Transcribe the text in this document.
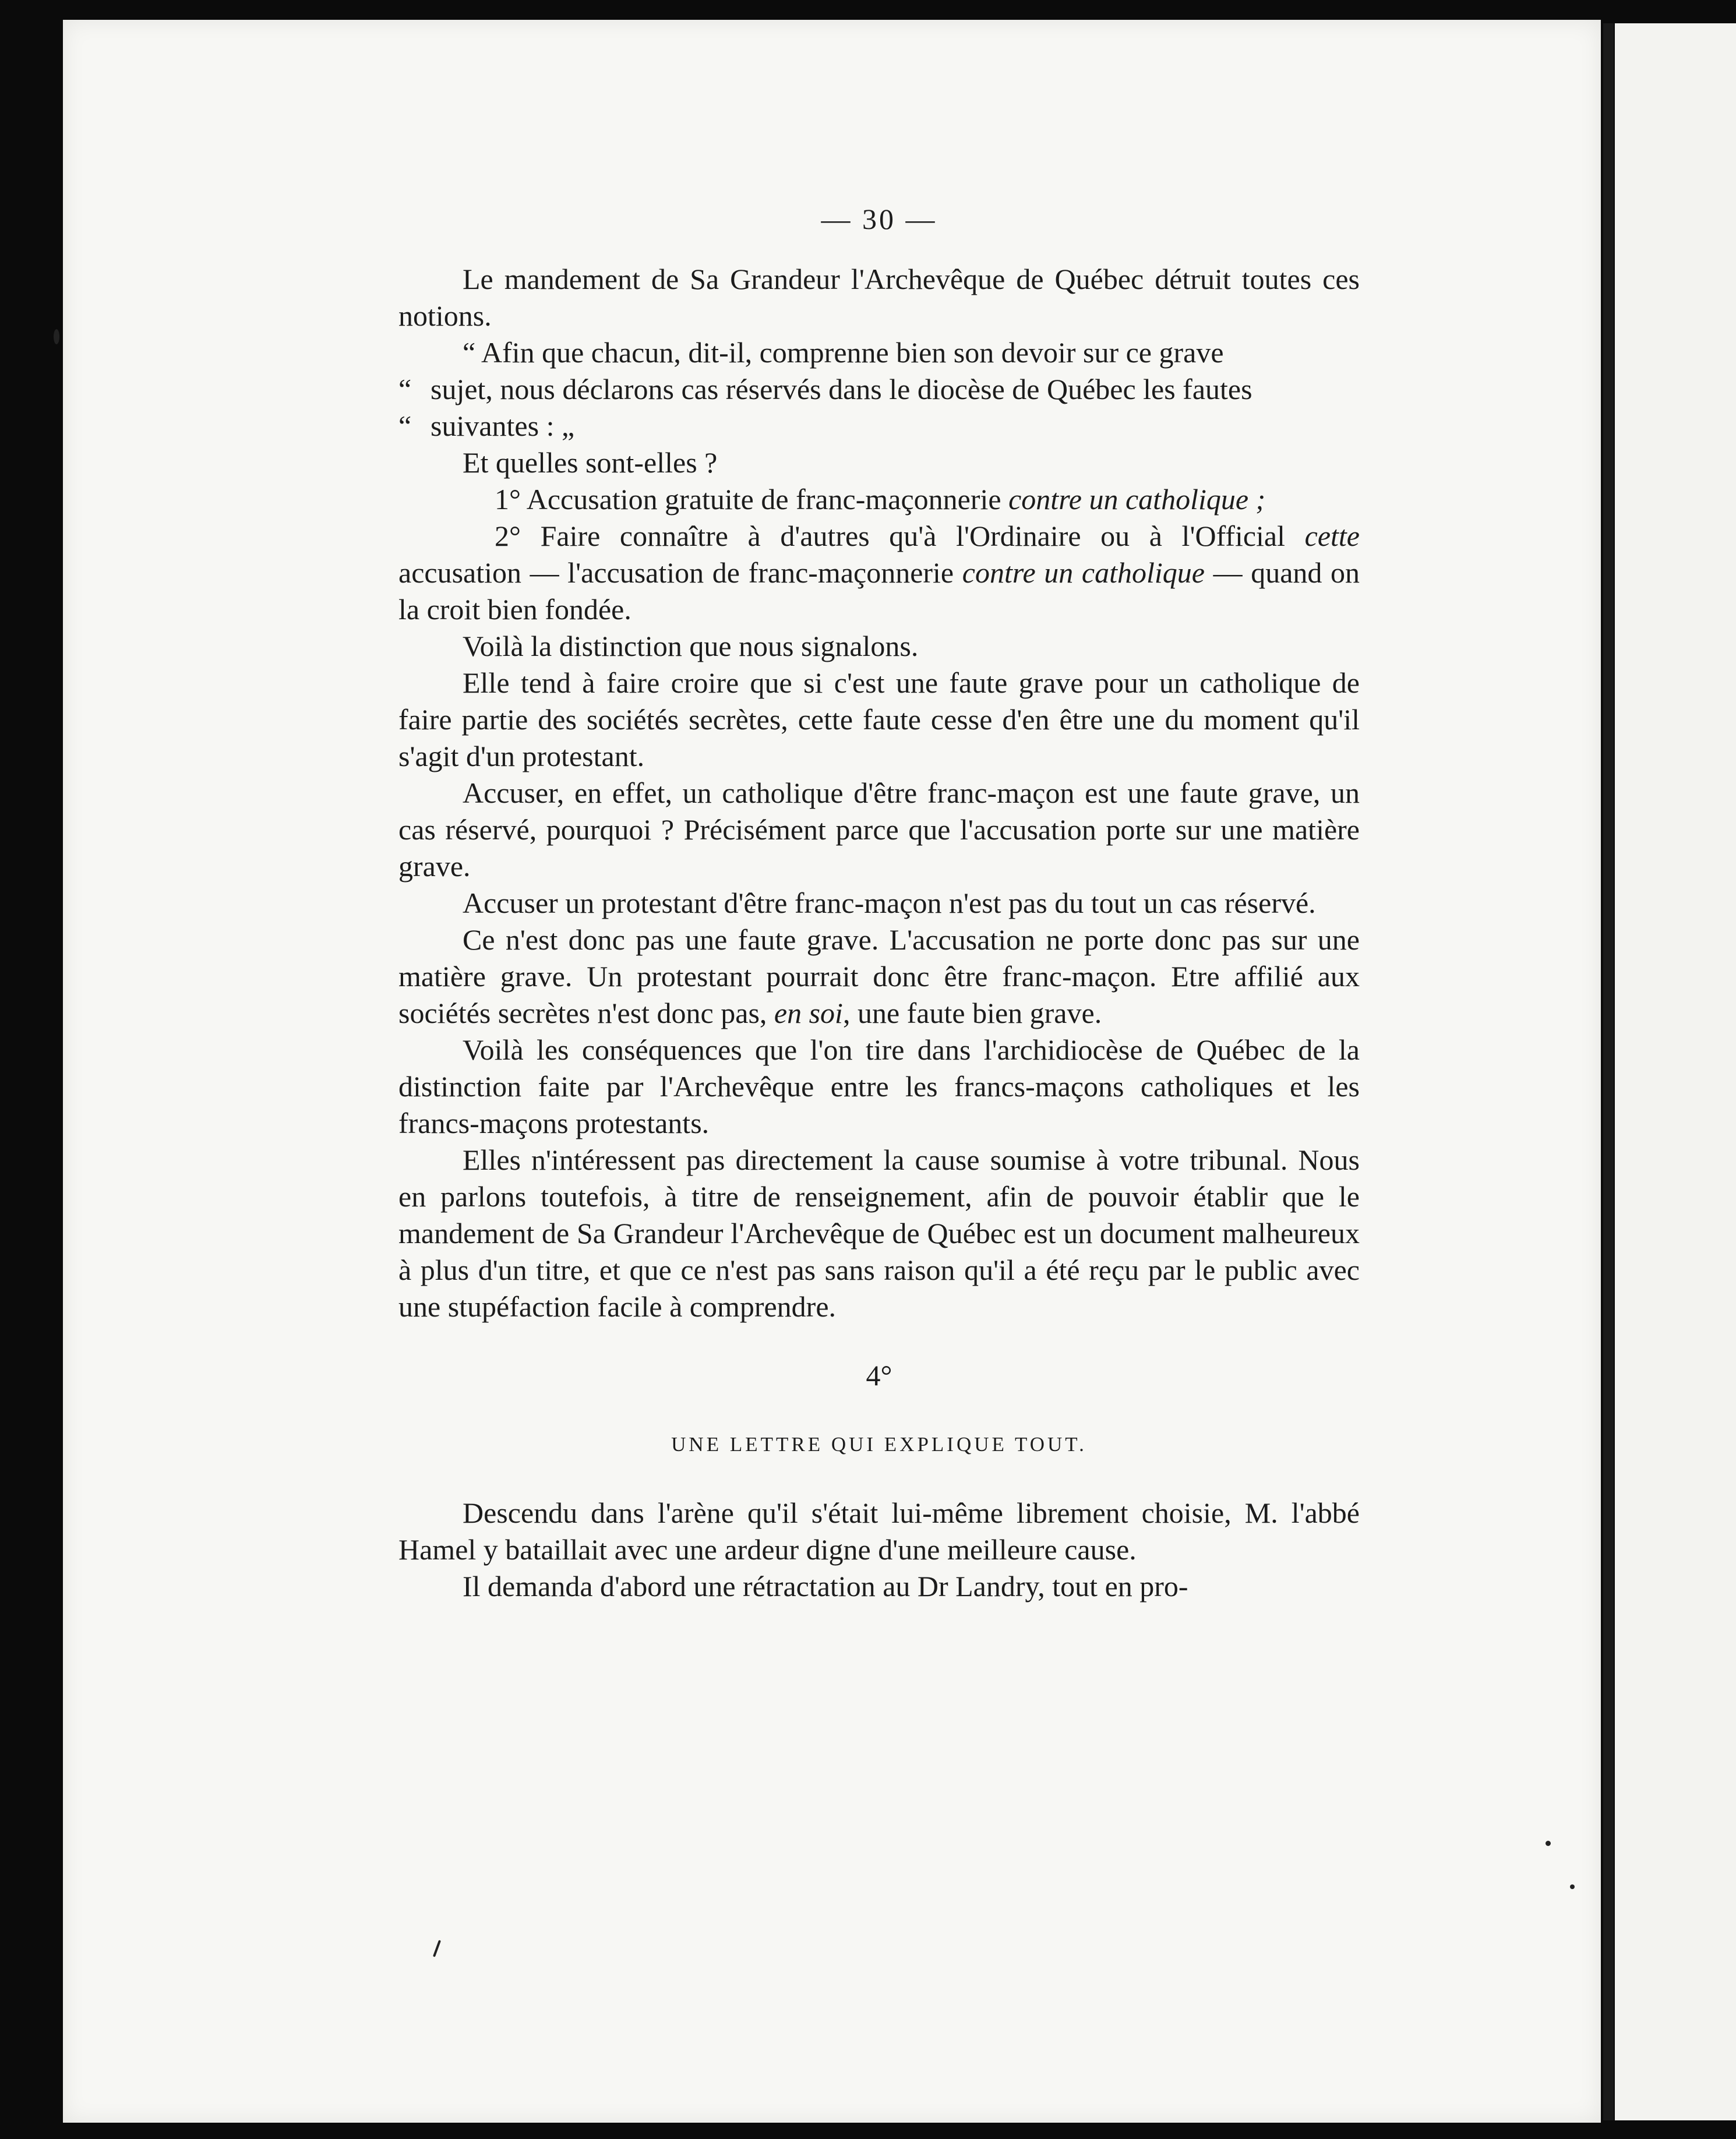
— 30 —

Le mandement de Sa Grandeur l'Archevêque de Québec détruit toutes ces notions.

“ Afin que chacun, dit-il, comprenne bien son devoir sur ce grave

“ sujet, nous déclarons cas réservés dans le diocèse de Québec les fautes

“ suivantes : „

Et quelles sont-elles ?

1° Accusation gratuite de franc-maçonnerie contre un catholique ;

2° Faire connaître à d'autres qu'à l'Ordinaire ou à l'Official cette accusation — l'accusation de franc-maçonnerie contre un catholique — quand on la croit bien fondée.

Voilà la distinction que nous signalons.

Elle tend à faire croire que si c'est une faute grave pour un catholique de faire partie des sociétés secrètes, cette faute cesse d'en être une du moment qu'il s'agit d'un protestant.

Accuser, en effet, un catholique d'être franc-maçon est une faute grave, un cas réservé, pourquoi ? Précisément parce que l'accusation porte sur une matière grave.

Accuser un protestant d'être franc-maçon n'est pas du tout un cas réservé.

Ce n'est donc pas une faute grave. L'accusation ne porte donc pas sur une matière grave. Un protestant pourrait donc être franc-maçon. Etre affilié aux sociétés secrètes n'est donc pas, en soi, une faute bien grave.

Voilà les conséquences que l'on tire dans l'archidiocèse de Québec de la distinction faite par l'Archevêque entre les francs-maçons catholiques et les francs-maçons protestants.

Elles n'intéressent pas directement la cause soumise à votre tribunal. Nous en parlons toutefois, à titre de renseignement, afin de pouvoir établir que le mandement de Sa Grandeur l'Archevêque de Québec est un document malheureux à plus d'un titre, et que ce n'est pas sans raison qu'il a été reçu par le public avec une stupéfaction facile à comprendre.

4°
UNE LETTRE QUI EXPLIQUE TOUT.

Descendu dans l'arène qu'il s'était lui-même librement choisie, M. l'abbé Hamel y bataillait avec une ardeur digne d'une meilleure cause.

Il demanda d'abord une rétractation au Dr Landry, tout en pro-
